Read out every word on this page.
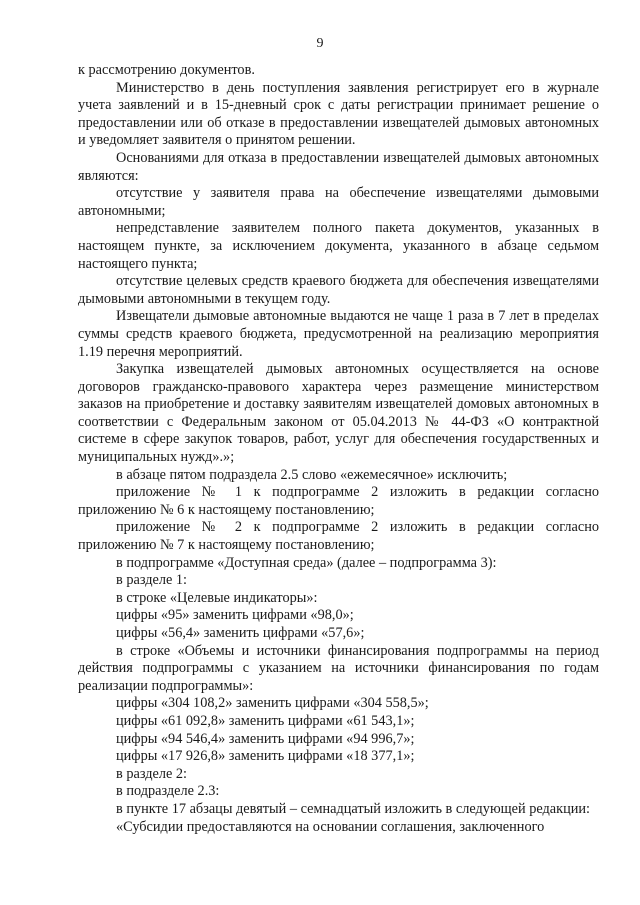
9

к рассмотрению документов.

Министерство в день поступления заявления регистрирует его в журнале учета заявлений и в 15-дневный срок с даты регистрации принимает решение о предоставлении или об отказе в предоставлении извещателей дымовых автономных и уведомляет заявителя о принятом решении.

Основаниями для отказа в предоставлении извещателей дымовых автономных являются:

отсутствие у заявителя права на обеспечение извещателями дымовыми автономными;

непредставление заявителем полного пакета документов, указанных в настоящем пункте, за исключением документа, указанного в абзаце седьмом настоящего пункта;

отсутствие целевых средств краевого бюджета для обеспечения извещателями дымовыми автономными в текущем году.

Извещатели дымовые автономные выдаются не чаще 1 раза в 7 лет в пределах суммы средств краевого бюджета, предусмотренной на реализацию мероприятия 1.19 перечня мероприятий.

Закупка извещателей дымовых автономных осуществляется на основе договоров гражданско-правового характера через размещение министерством заказов на приобретение и доставку заявителям извещателей домовых автономных в соответствии с Федеральным законом от 05.04.2013 № 44-ФЗ «О контрактной системе в сфере закупок товаров, работ, услуг для обеспечения государственных и муниципальных нужд».»;

в абзаце пятом подраздела 2.5 слово «ежемесячное» исключить;

приложение № 1 к подпрограмме 2 изложить в редакции согласно приложению № 6 к настоящему постановлению;

приложение № 2 к подпрограмме 2 изложить в редакции согласно приложению № 7 к настоящему постановлению;

в подпрограмме «Доступная среда» (далее – подпрограмма 3):

в разделе 1:

в строке «Целевые индикаторы»:

цифры «95» заменить цифрами «98,0»;

цифры «56,4» заменить цифрами «57,6»;

в строке «Объемы и источники финансирования подпрограммы на период действия подпрограммы с указанием на источники финансирования по годам реализации подпрограммы»:

цифры «304 108,2» заменить цифрами «304 558,5»;

цифры «61 092,8» заменить цифрами «61 543,1»;

цифры «94 546,4» заменить цифрами «94 996,7»;

цифры «17 926,8» заменить цифрами «18 377,1»;

в разделе 2:

в подразделе 2.3:

в пункте 17 абзацы девятый – семнадцатый изложить в следующей редакции:

«Субсидии предоставляются на основании соглашения, заключенного
